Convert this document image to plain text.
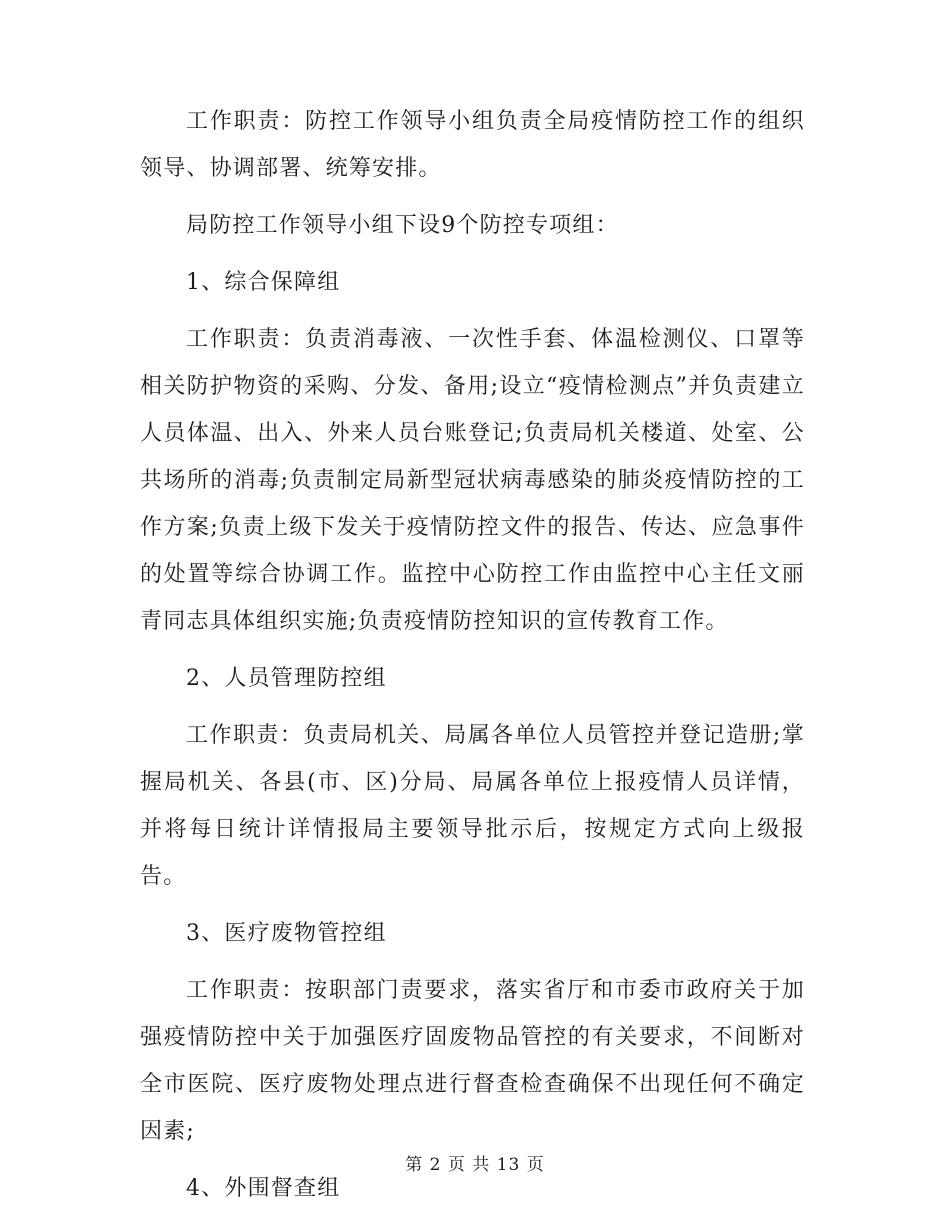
工作职责：防控工作领导小组负责全局疫情防控工作的组织领导、协调部署、统筹安排。

局防控工作领导小组下设9个防控专项组：

1、综合保障组

工作职责：负责消毒液、一次性手套、体温检测仪、口罩等相关防护物资的采购、分发、备用;设立“疫情检测点”并负责建立人员体温、出入、外来人员台账登记;负责局机关楼道、处室、公共场所的消毒;负责制定局新型冠状病毒感染的肺炎疫情防控的工作方案;负责上级下发关于疫情防控文件的报告、传达、应急事件的处置等综合协调工作。监控中心防控工作由监控中心主任文丽青同志具体组织实施;负责疫情防控知识的宣传教育工作。

2、人员管理防控组

工作职责：负责局机关、局属各单位人员管控并登记造册;掌握局机关、各县(市、区)分局、局属各单位上报疫情人员详情，并将每日统计详情报局主要领导批示后，按规定方式向上级报告。

3、医疗废物管控组

工作职责：按职部门责要求，落实省厅和市委市政府关于加强疫情防控中关于加强医疗固废物品管控的有关要求，不间断对全市医院、医疗废物处理点进行督查检查确保不出现任何不确定因素;

4、外围督查组

第 2 页 共 13 页
